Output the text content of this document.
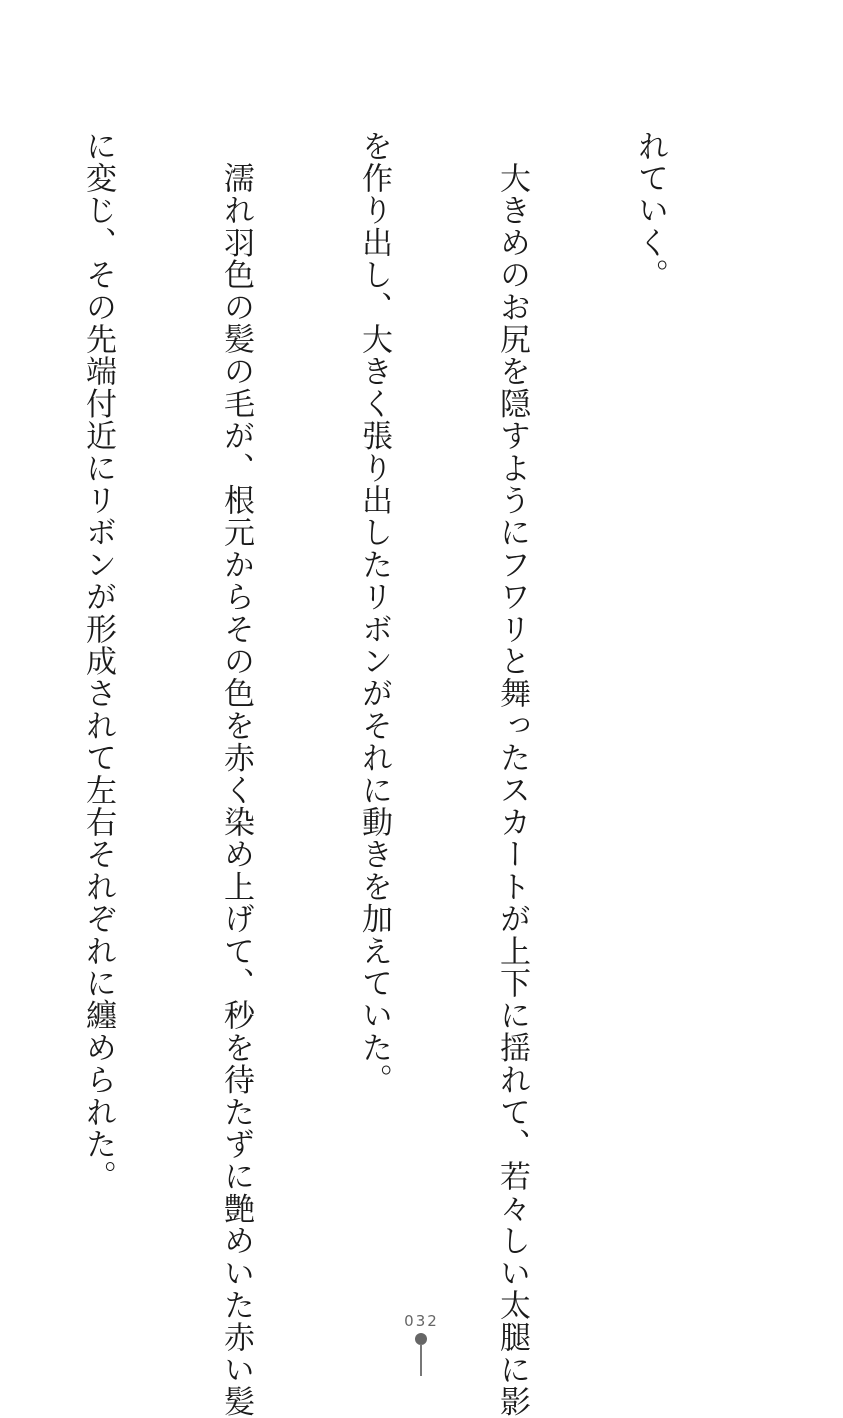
れていく。

　大きめのお尻を隠すようにフワリと舞ったスカートが上下に揺れて、若々しい太腿に影

を作り出し、大きく張り出したリボンがそれに動きを加えていた。

　濡れ羽色の髪の毛が、根元からその色を赤く染め上げて、秒を待たずに艶めいた赤い髪

に変じ、その先端付近にリボンが形成されて左右それぞれに纏められた。

032
